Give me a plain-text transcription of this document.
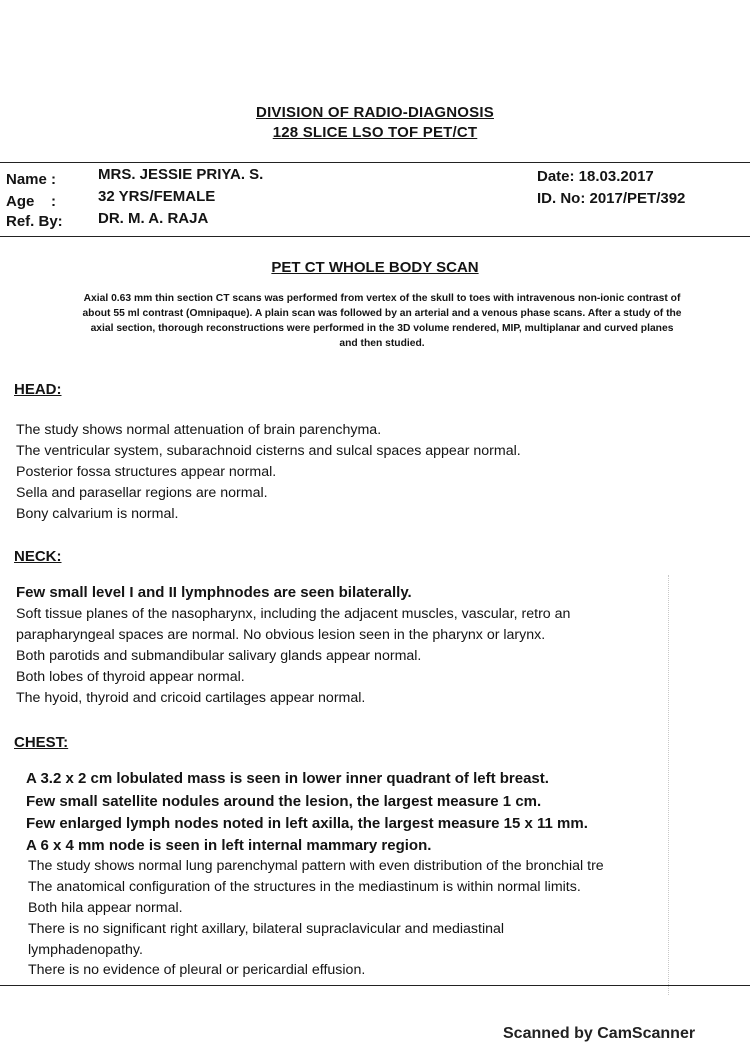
DIVISION OF RADIO-DIAGNOSIS
128 SLICE LSO TOF PET/CT
Name :	MRS. JESSIE PRIYA. S.
Age    :	32 YRS/FEMALE
Ref. By: DR. M. A. RAJA
Date: 18.03.2017
ID. No: 2017/PET/392
PET CT WHOLE BODY SCAN
Axial 0.63 mm thin section CT scans was performed from vertex of the skull to toes with intravenous non-ionic contrast of
about 55 ml contrast (Omnipaque). A plain scan was followed by an arterial and a venous phase scans. After a study of the
axial section, thorough reconstructions were performed in the 3D volume rendered, MIP, multiplanar and curved planes
and then studied.
HEAD:
The study shows normal attenuation of brain parenchyma.
The ventricular system, subarachnoid cisterns and sulcal spaces appear normal.
Posterior fossa structures appear normal.
Sella and parasellar regions are normal.
Bony calvarium is normal.
NECK:
Few small level I and II lymphnodes are seen bilaterally.
Soft tissue planes of the nasopharynx, including the adjacent muscles, vascular, retro an
parapharyngeal spaces are normal. No obvious lesion seen in the pharynx or larynx.
Both parotids and submandibular salivary glands appear normal.
Both lobes of thyroid appear normal.
The hyoid, thyroid and cricoid cartilages appear normal.
CHEST:
A 3.2 x 2 cm lobulated mass is seen in lower inner quadrant of left breast.
Few small satellite nodules around the lesion, the largest measure 1 cm.
Few enlarged lymph nodes noted in left axilla, the largest measure 15 x 11 mm.
A 6 x 4 mm node is seen in left internal mammary region.
The study shows normal lung parenchymal pattern with even distribution of the bronchial tre
The anatomical configuration of the structures in the mediastinum is within normal limits.
Both hila appear normal.
There is no significant right axillary, bilateral supraclavicular and mediastinal
lymphadenopathy.
There is no evidence of pleural or pericardial effusion.
Scanned by CamScanner
